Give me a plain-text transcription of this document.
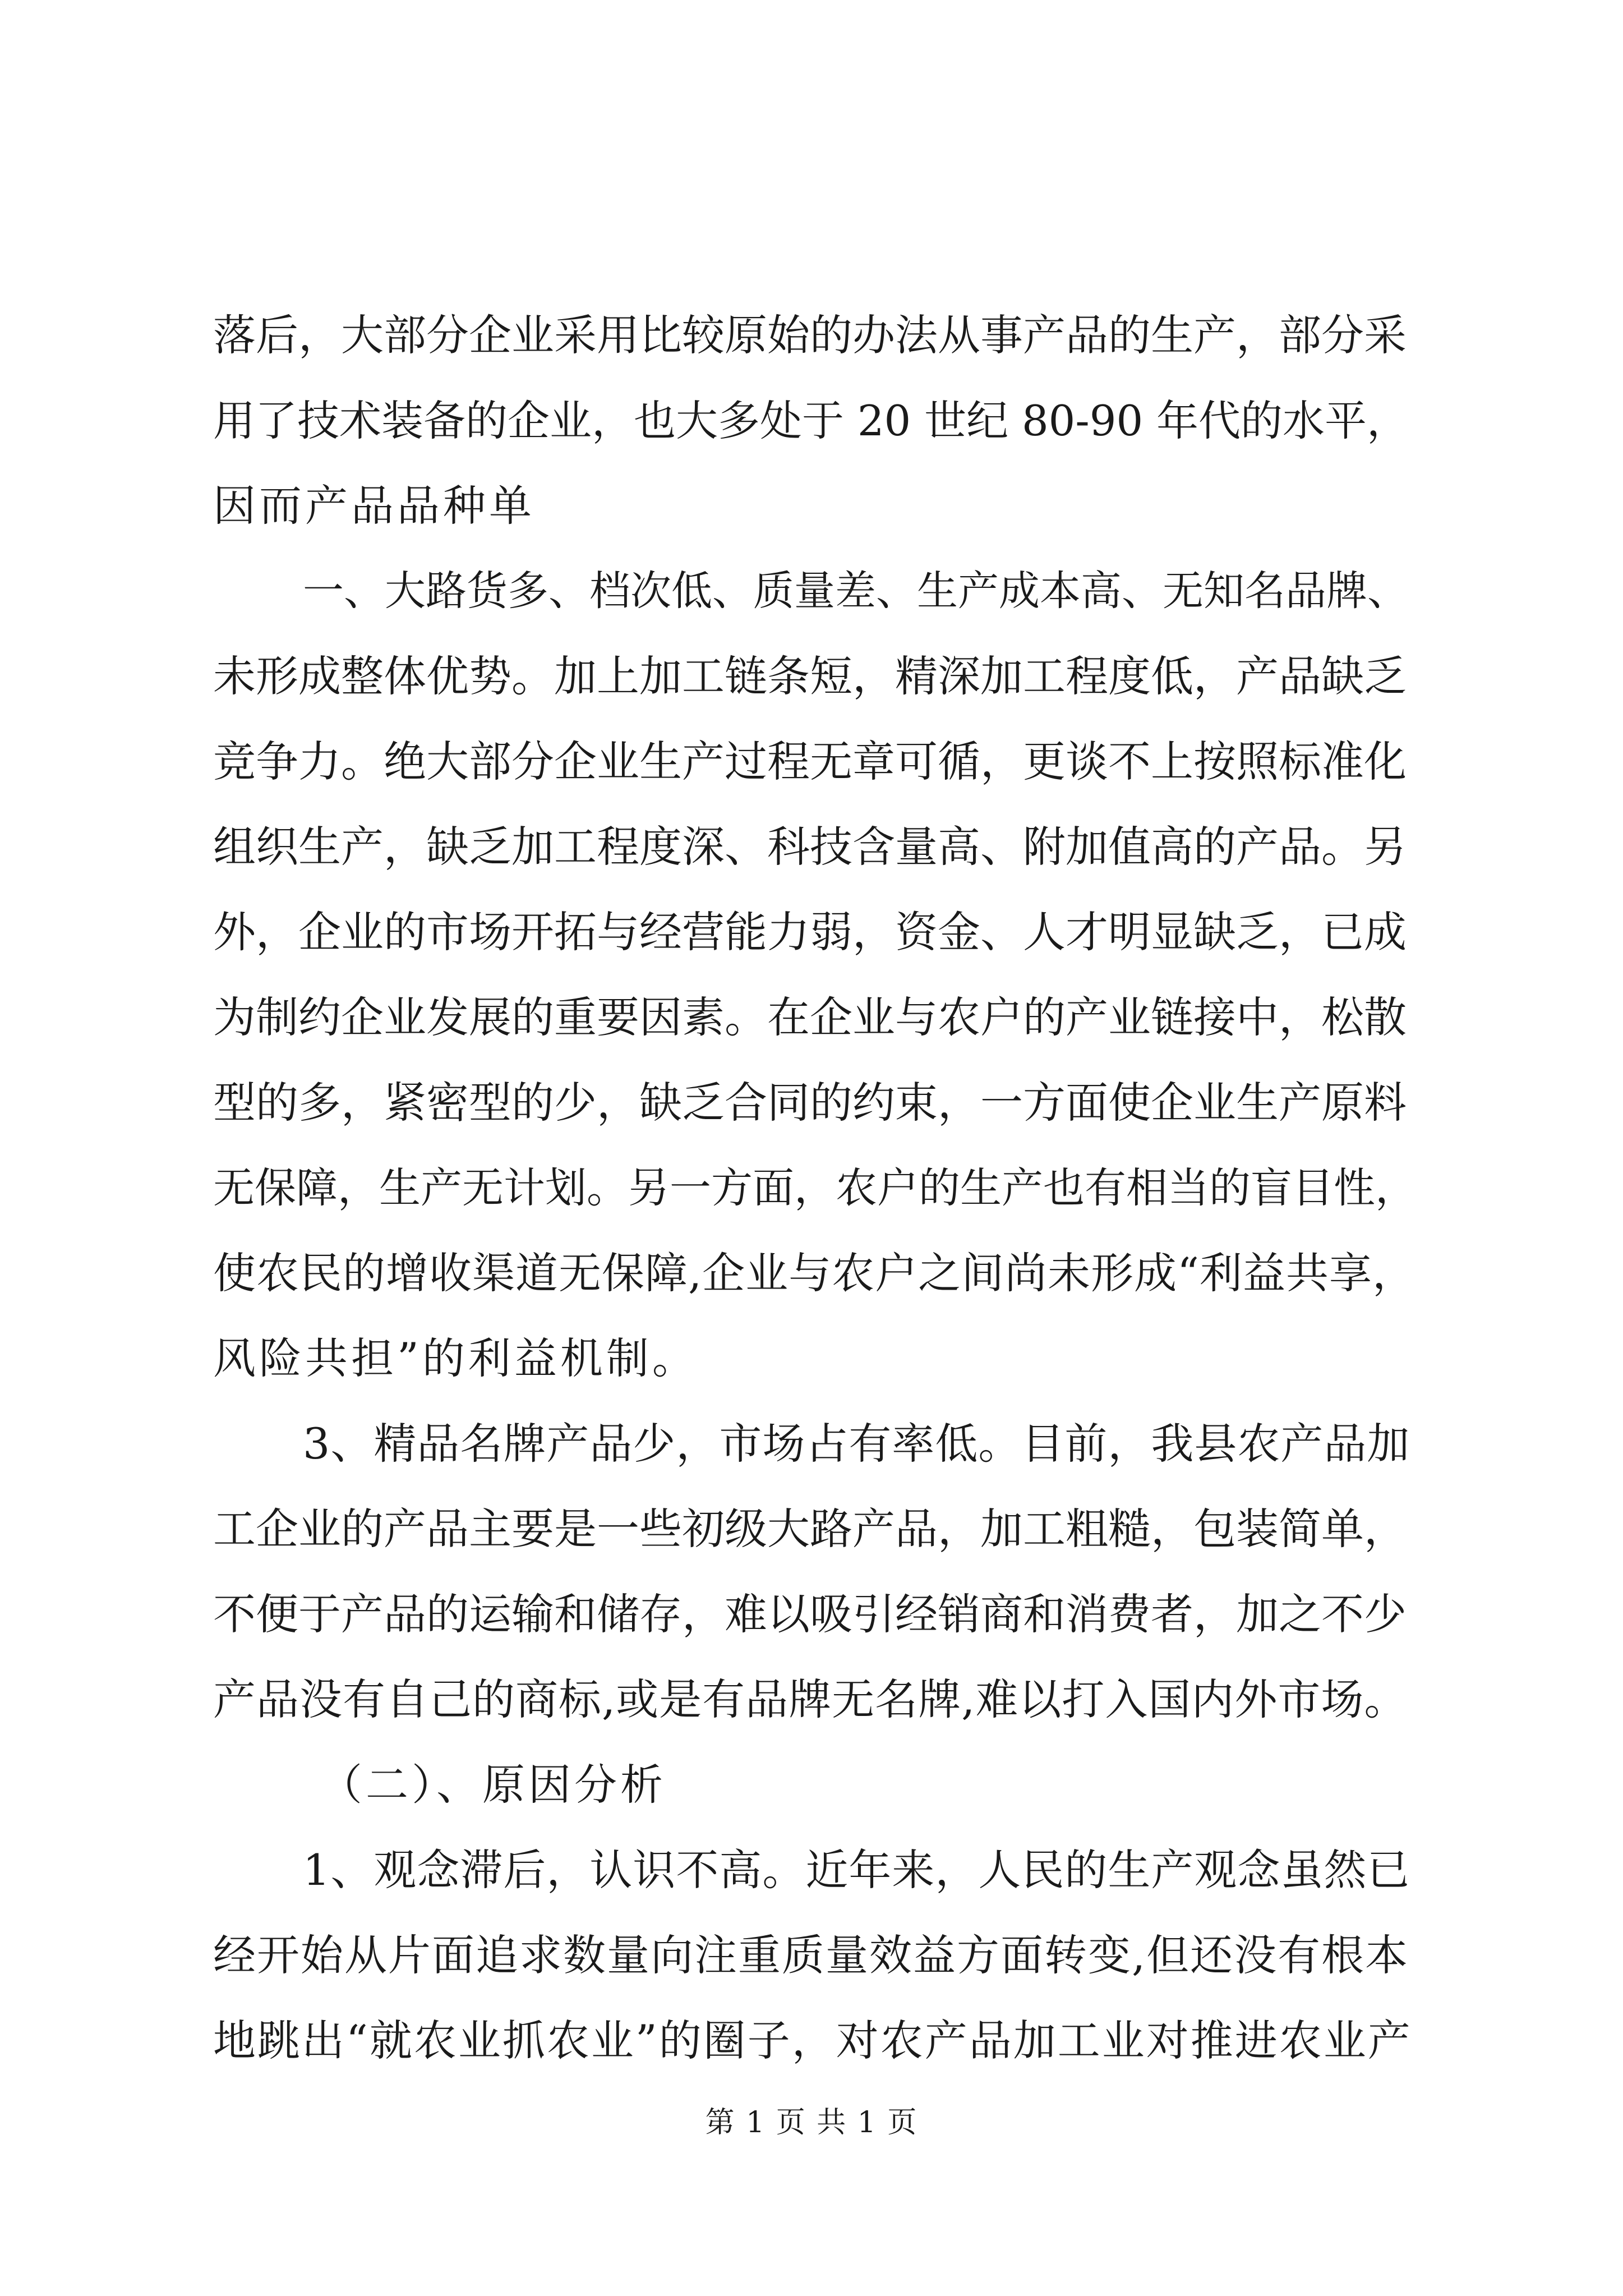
落后，大部分企业采用比较原始的办法从事产品的生产，部分采
用了技术装备的企业，也大多处于 20 世纪 80-90 年代的水平，
因而产品品种单
一、大路货多、档次低、质量差、生产成本高、无知名品牌、
未形成整体优势。加上加工链条短，精深加工程度低，产品缺乏
竞争力。绝大部分企业生产过程无章可循，更谈不上按照标准化
组织生产，缺乏加工程度深、科技含量高、附加值高的产品。另
外，企业的市场开拓与经营能力弱，资金、人才明显缺乏，已成
为制约企业发展的重要因素。在企业与农户的产业链接中，松散
型的多，紧密型的少，缺乏合同的约束，一方面使企业生产原料
无保障，生产无计划。另一方面，农户的生产也有相当的盲目性，
使农民的增收渠道无保障,企业与农户之间尚未形成“利益共享，
风险共担”的利益机制。
3、精品名牌产品少，市场占有率低。目前，我县农产品加
工企业的产品主要是一些初级大路产品，加工粗糙，包装简单，
不便于产品的运输和储存，难以吸引经销商和消费者，加之不少
产品没有自己的商标,或是有品牌无名牌,难以打入国内外市场。
（二）、原因分析
1、观念滞后，认识不高。近年来，人民的生产观念虽然已
经开始从片面追求数量向注重质量效益方面转变,但还没有根本
地跳出“就农业抓农业”的圈子，对农产品加工业对推进农业产
第 1 页 共 1 页
